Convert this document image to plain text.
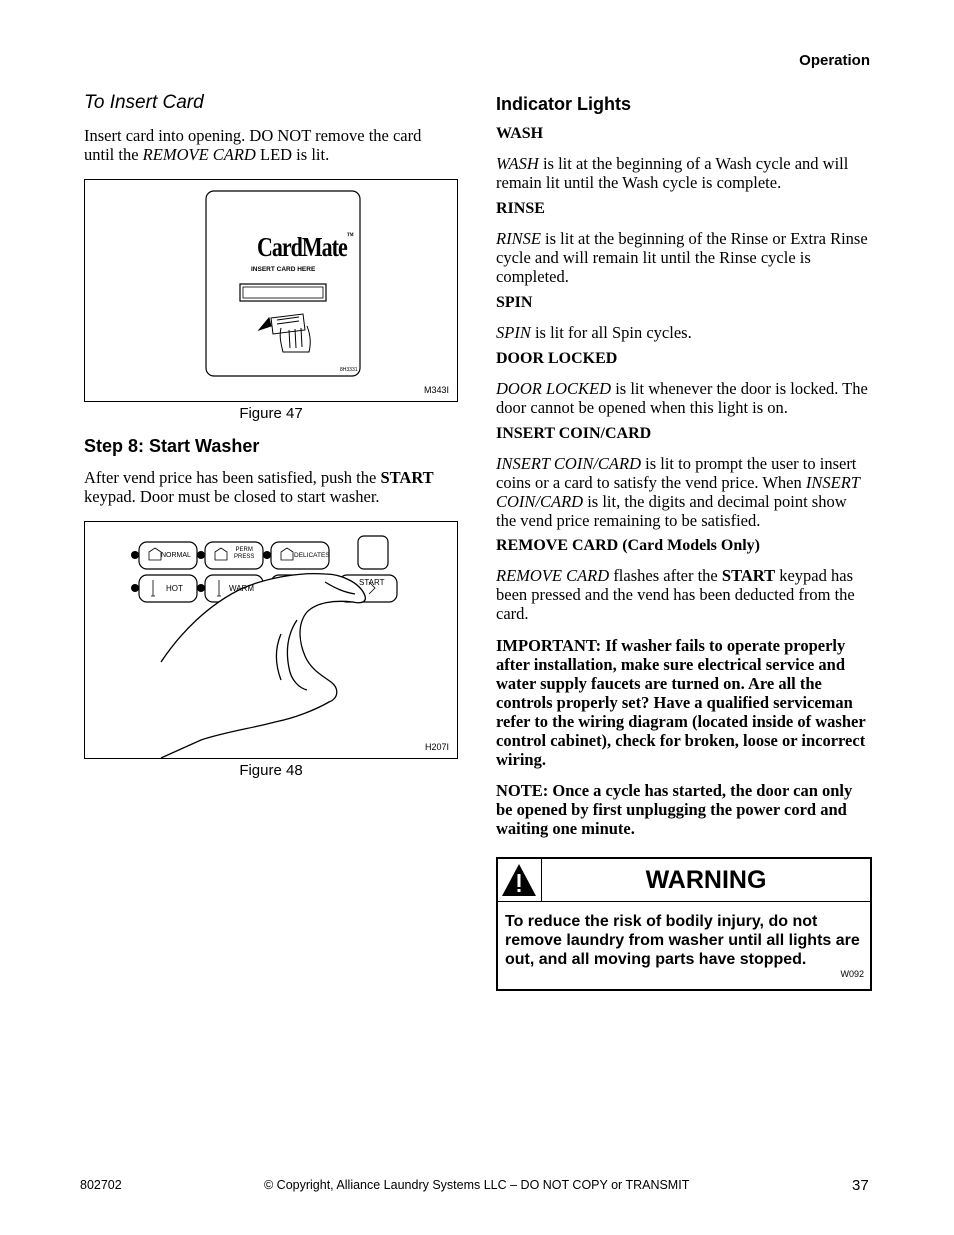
Operation
To Insert Card
Insert card into opening. DO NOT remove the card until the REMOVE CARD LED is lit.
CardMate™
INSERT CARD HERE
8H3331
M343I
Figure 47
Step 8: Start Washer
After vend price has been satisfied, push the START keypad. Door must be closed to start washer.
NORMAL
PERM
PRESS	DELICATES
HOT	WARM
START
H207I
Figure 48
Indicator Lights
WASH
WASH is lit at the beginning of a Wash cycle and will remain lit until the Wash cycle is complete.
RINSE
RINSE is lit at the beginning of the Rinse or Extra Rinse cycle and will remain lit until the Rinse cycle is completed.
SPIN
SPIN is lit for all Spin cycles.
DOOR LOCKED
DOOR LOCKED is lit whenever the door is locked. The door cannot be opened when this light is on.
INSERT COIN/CARD
INSERT COIN/CARD is lit to prompt the user to insert coins or a card to satisfy the vend price. When INSERT COIN/CARD is lit, the digits and decimal point show the vend price remaining to be satisfied.
REMOVE CARD (Card Models Only)
REMOVE CARD flashes after the START keypad has been pressed and the vend has been deducted from the card.
IMPORTANT: If washer fails to operate properly after installation, make sure electrical service and water supply faucets are turned on. Are all the controls properly set? Have a qualified serviceman refer to the wiring diagram (located inside of washer control cabinet), check for broken, loose or incorrect wiring.
NOTE: Once a cycle has started, the door can only be opened by first unplugging the power cord and waiting one minute.
WARNING
To reduce the risk of bodily injury, do not remove laundry from washer until all lights are out, and all moving parts have stopped.
W092
802702	© Copyright, Alliance Laundry Systems LLC – DO NOT COPY or TRANSMIT	37
